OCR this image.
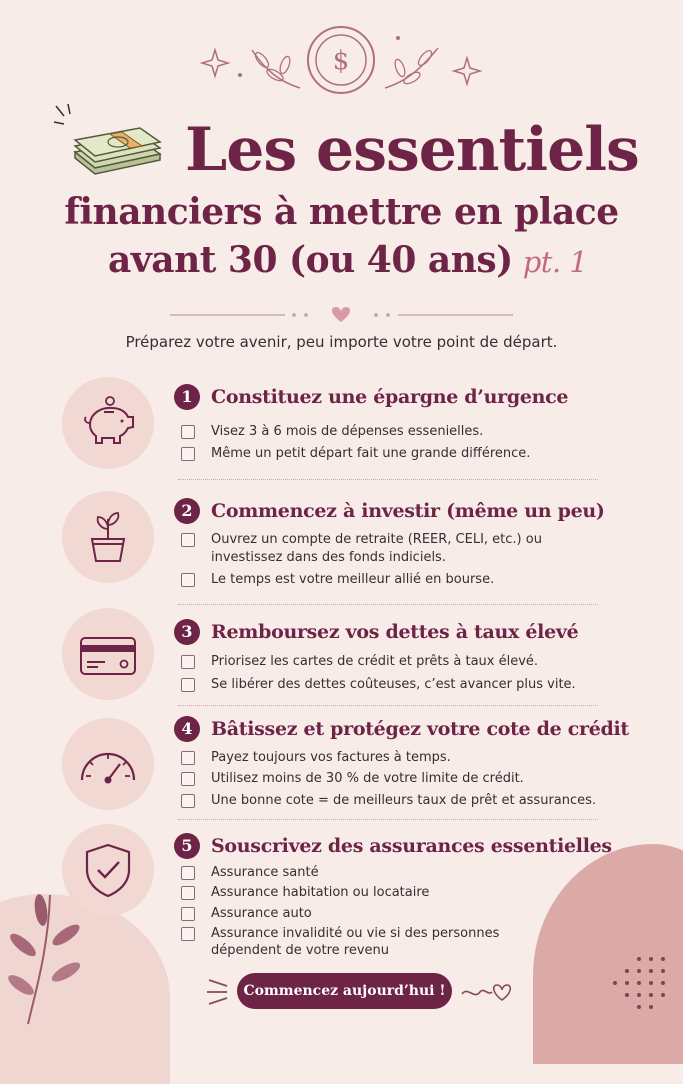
$
Les essentiels
financiers à mettre en place
avant 30 (ou 40 ans) pt. 1
Préparez votre avenir, peu importe votre point de départ.
1 Constituez une épargne d’urgence
Visez 3 à 6 mois de dépenses essenielles.
Même un petit départ fait une grande différence.
2 Commencez à investir (même un peu)
Ouvrez un compte de retraite (REER, CELI, etc.) ou
investissez dans des fonds indiciels.
Le temps est votre meilleur allié en bourse.
3 Remboursez vos dettes à taux élevé
Priorisez les cartes de crédit et prêts à taux élevé.
Se libérer des dettes coûteuses, c’est avancer plus vite.
4 Bâtissez et protégez votre cote de crédit
Payez toujours vos factures à temps.
Utilisez moins de 30 % de votre limite de crédit.
Une bonne cote = de meilleurs taux de prêt et assurances.
5 Souscrivez des assurances essentielles
Assurance santé
Assurance habitation ou locataire
Assurance auto
Assurance invalidité ou vie si des personnes
dépendent de votre revenu
Commencez aujourd’hui !
